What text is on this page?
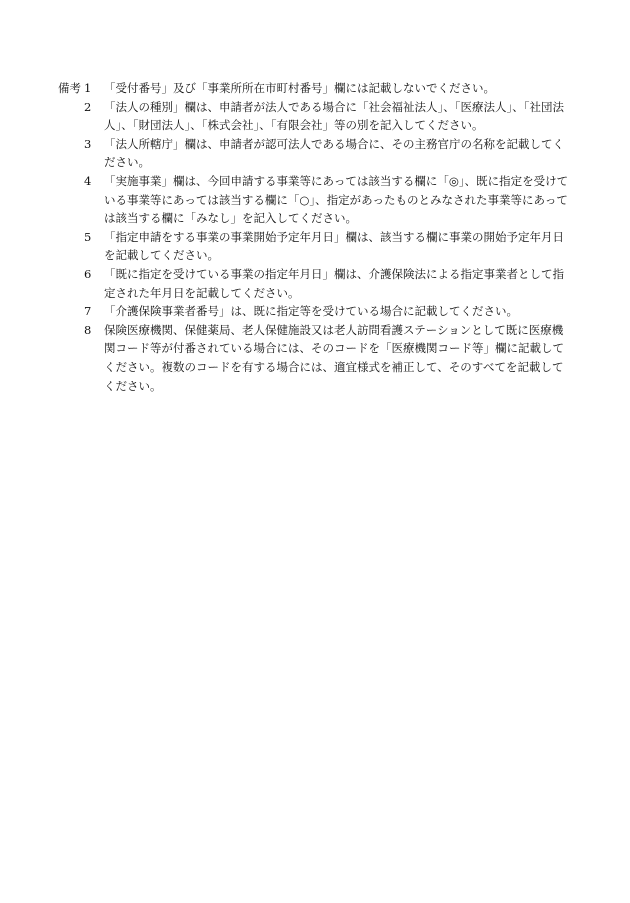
備考 1	「受付番号」及び「事業所所在市町村番号」欄には記載しないでください。
2	「法人の種別」欄は、申請者が法人である場合に「社会福祉法人」、「医療法人」、「社団法人」、「財団法人」、「株式会社」、「有限会社」等の別を記入してください。
3	「法人所轄庁」欄は、申請者が認可法人である場合に、その主務官庁の名称を記載してください。
4	「実施事業」欄は、今回申請する事業等にあっては該当する欄に「◎」、既に指定を受けている事業等にあっては該当する欄に「○」、指定があったものとみなされた事業等にあっては該当する欄に「みなし」を記入してください。
5	「指定申請をする事業の事業開始予定年月日」欄は、該当する欄に事業の開始予定年月日を記載してください。
6	「既に指定を受けている事業の指定年月日」欄は、介護保険法による指定事業者として指定された年月日を記載してください。
7	「介護保険事業者番号」は、既に指定等を受けている場合に記載してください。
8	保険医療機関、保健薬局、老人保健施設又は老人訪問看護ステーションとして既に医療機関コード等が付番されている場合には、そのコードを「医療機関コード等」欄に記載してください。複数のコードを有する場合には、適宜様式を補正して、そのすべてを記載してください。
